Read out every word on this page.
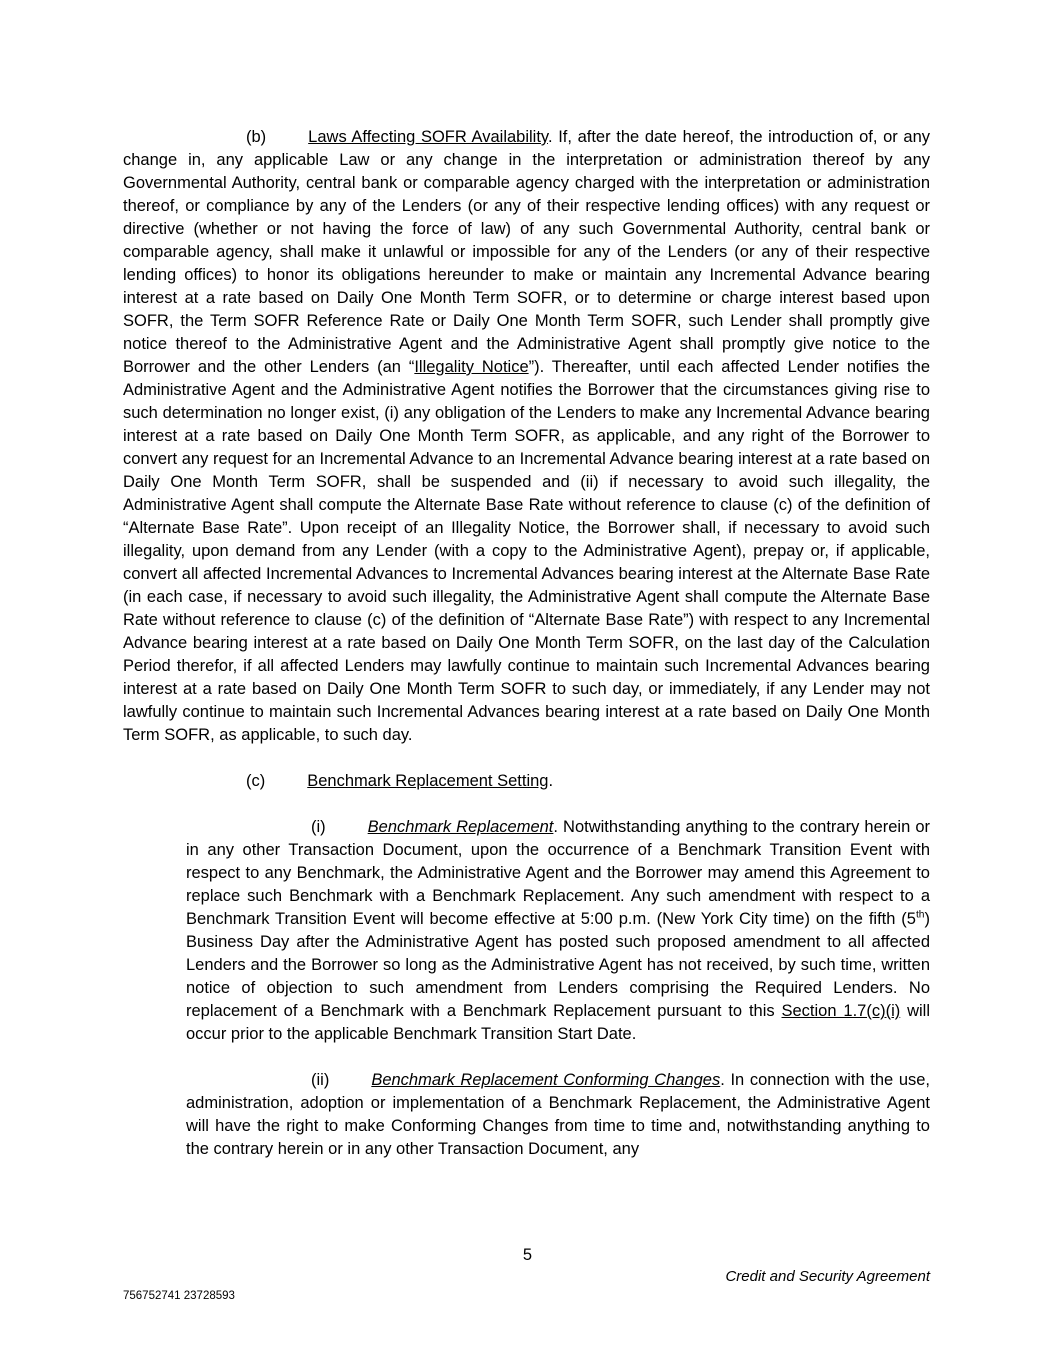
(b)	Laws Affecting SOFR Availability. If, after the date hereof, the introduction of, or any change in, any applicable Law or any change in the interpretation or administration thereof by any Governmental Authority, central bank or comparable agency charged with the interpretation or administration thereof, or compliance by any of the Lenders (or any of their respective lending offices) with any request or directive (whether or not having the force of law) of any such Governmental Authority, central bank or comparable agency, shall make it unlawful or impossible for any of the Lenders (or any of their respective lending offices) to honor its obligations hereunder to make or maintain any Incremental Advance bearing interest at a rate based on Daily One Month Term SOFR, or to determine or charge interest based upon SOFR, the Term SOFR Reference Rate or Daily One Month Term SOFR, such Lender shall promptly give notice thereof to the Administrative Agent and the Administrative Agent shall promptly give notice to the Borrower and the other Lenders (an “Illegality Notice”). Thereafter, until each affected Lender notifies the Administrative Agent and the Administrative Agent notifies the Borrower that the circumstances giving rise to such determination no longer exist, (i) any obligation of the Lenders to make any Incremental Advance bearing interest at a rate based on Daily One Month Term SOFR, as applicable, and any right of the Borrower to convert any request for an Incremental Advance to an Incremental Advance bearing interest at a rate based on Daily One Month Term SOFR, shall be suspended and (ii) if necessary to avoid such illegality, the Administrative Agent shall compute the Alternate Base Rate without reference to clause (c) of the definition of “Alternate Base Rate”. Upon receipt of an Illegality Notice, the Borrower shall, if necessary to avoid such illegality, upon demand from any Lender (with a copy to the Administrative Agent), prepay or, if applicable, convert all affected Incremental Advances to Incremental Advances bearing interest at the Alternate Base Rate (in each case, if necessary to avoid such illegality, the Administrative Agent shall compute the Alternate Base Rate without reference to clause (c) of the definition of “Alternate Base Rate”) with respect to any Incremental Advance bearing interest at a rate based on Daily One Month Term SOFR, on the last day of the Calculation Period therefor, if all affected Lenders may lawfully continue to maintain such Incremental Advances bearing interest at a rate based on Daily One Month Term SOFR to such day, or immediately, if any Lender may not lawfully continue to maintain such Incremental Advances bearing interest at a rate based on Daily One Month Term SOFR, as applicable, to such day.

(c)	Benchmark Replacement Setting.

(i)	Benchmark Replacement. Notwithstanding anything to the contrary herein or in any other Transaction Document, upon the occurrence of a Benchmark Transition Event with respect to any Benchmark, the Administrative Agent and the Borrower may amend this Agreement to replace such Benchmark with a Benchmark Replacement. Any such amendment with respect to a Benchmark Transition Event will become effective at 5:00 p.m. (New York City time) on the fifth (5th) Business Day after the Administrative Agent has posted such proposed amendment to all affected Lenders and the Borrower so long as the Administrative Agent has not received, by such time, written notice of objection to such amendment from Lenders comprising the Required Lenders. No replacement of a Benchmark with a Benchmark Replacement pursuant to this Section 1.7(c)(i) will occur prior to the applicable Benchmark Transition Start Date.

(ii)	Benchmark Replacement Conforming Changes. In connection with the use, administration, adoption or implementation of a Benchmark Replacement, the Administrative Agent will have the right to make Conforming Changes from time to time and, notwithstanding anything to the contrary herein or in any other Transaction Document, any

5
Credit and Security Agreement
756752741 23728593
